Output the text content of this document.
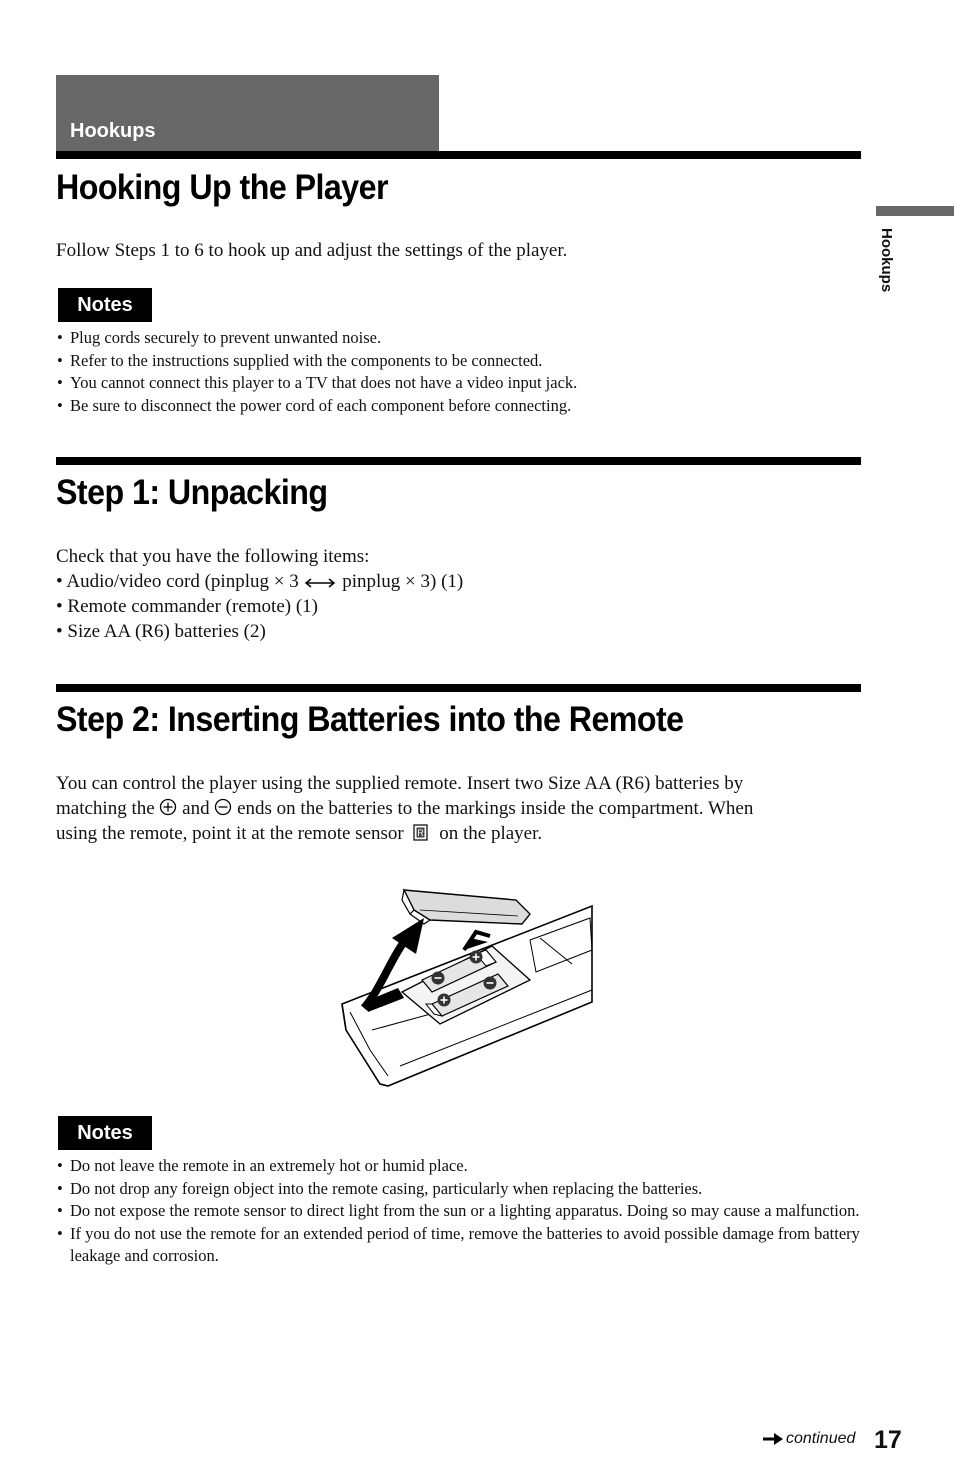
Hookups
Hookups
Hooking Up the Player

Follow Steps 1 to 6 to hook up and adjust the settings of the player.

Notes
• Plug cords securely to prevent unwanted noise.
• Refer to the instructions supplied with the components to be connected.
• You cannot connect this player to a TV that does not have a video input jack.
• Be sure to disconnect the power cord of each component before connecting.
Step 1: Unpacking

Check that you have the following items:

• Audio/video cord (pinplug × 3 pinplug × 3) (1)
• Remote commander (remote) (1)
• Size AA (R6) batteries (2)
Step 2: Inserting Batteries into the Remote
You can control the player using the supplied remote. Insert two Size AA (R6) batteries by
matching the and ends on the batteries to the markings inside the compartment. When
using the remote, point it at the remote sensor R on the player.
Notes
• Do not leave the remote in an extremely hot or humid place.
• Do not drop any foreign object into the remote casing, particularly when replacing the batteries.
• Do not expose the remote sensor to direct light from the sun or a lighting apparatus. Doing so may cause a malfunction.
• If you do not use the remote for an extended period of time, remove the batteries to avoid possible damage from battery leakage and corrosion.
continued 17
